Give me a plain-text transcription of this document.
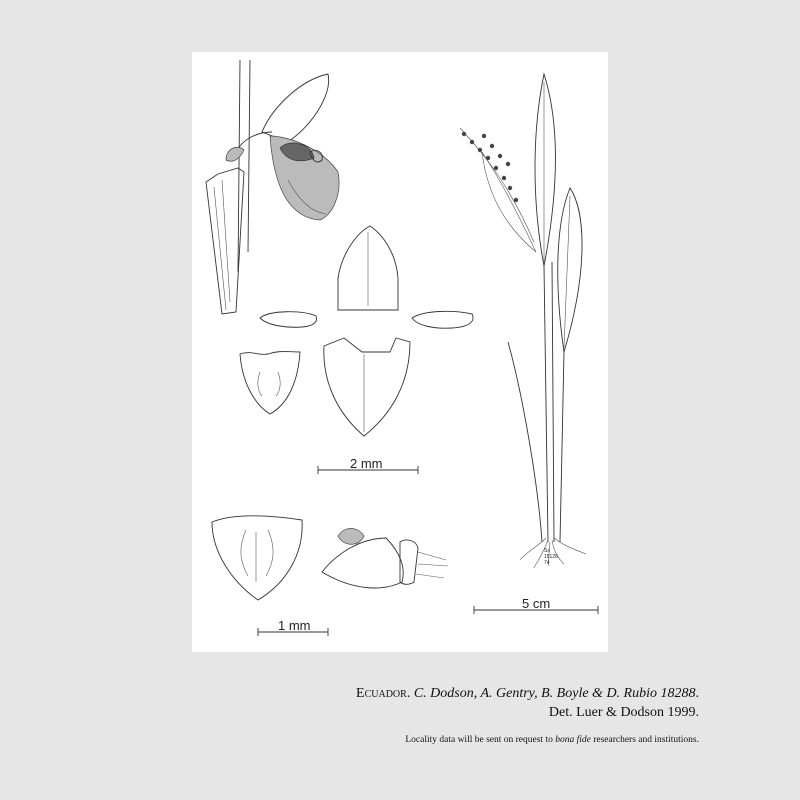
2 mm
1 mm
5 cm
Ss
15126
74
Ecuador. C. Dodson, A. Gentry, B. Boyle & D. Rubio 18288.
Det. Luer & Dodson 1999.
Locality data will be sent on request to bona fide researchers and institutions.
